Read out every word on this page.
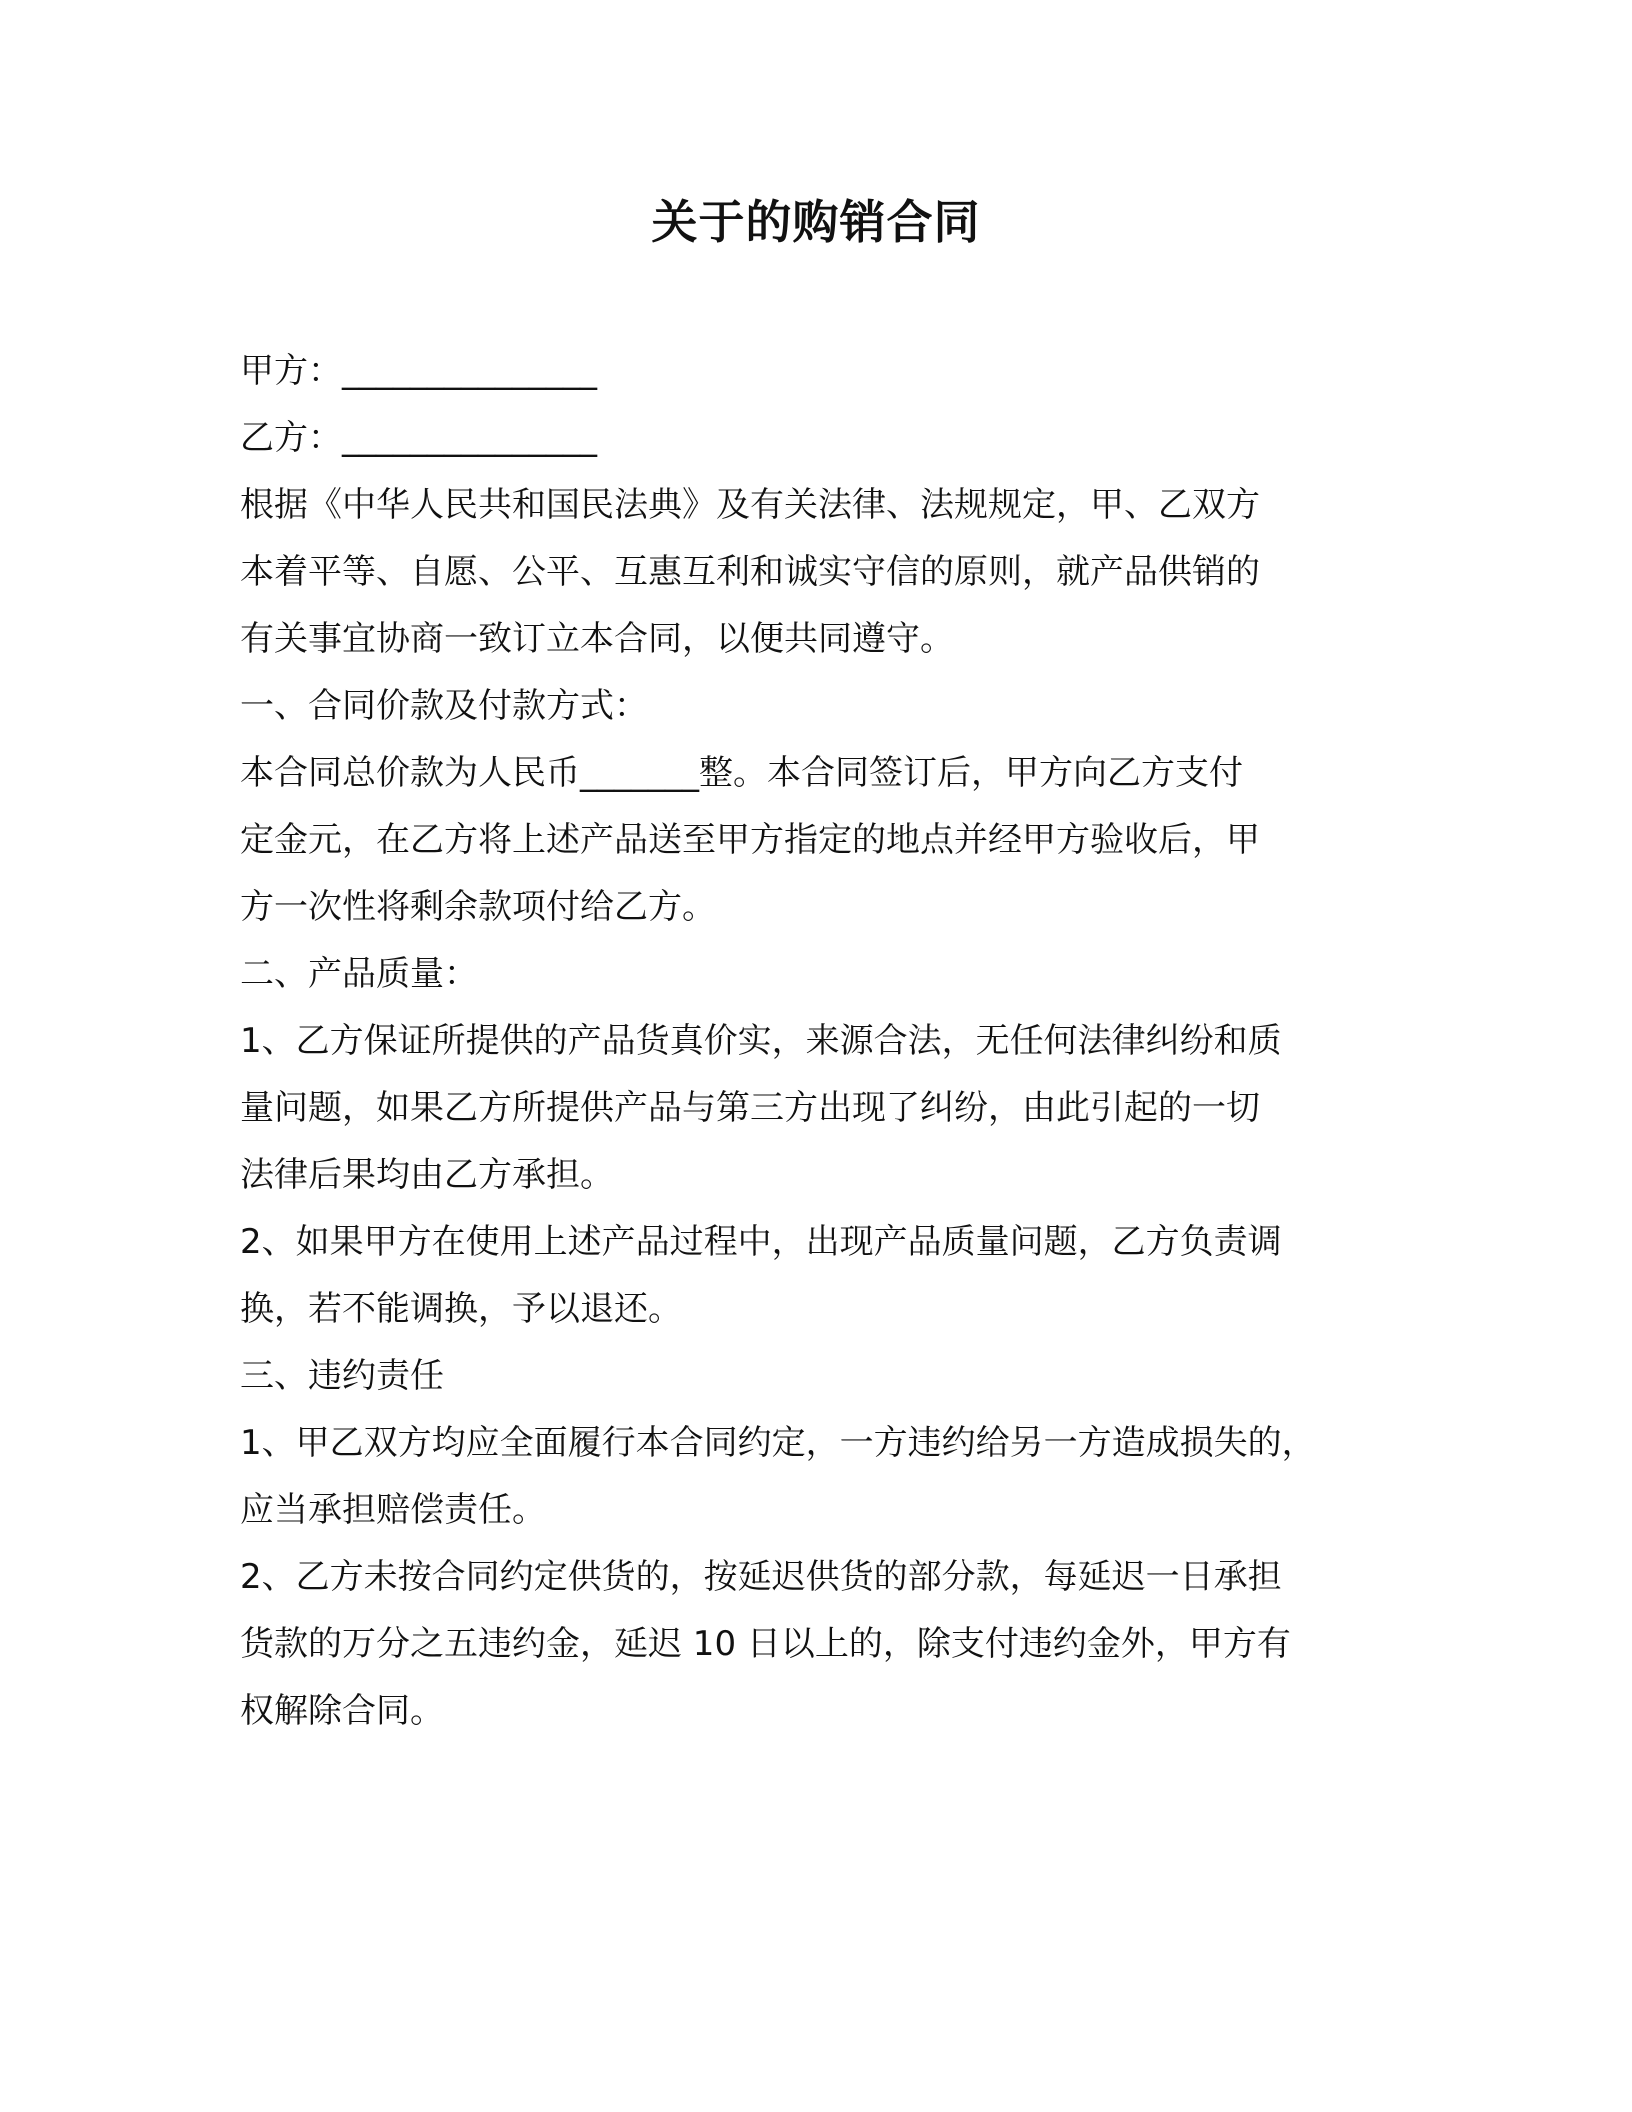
关于的购销合同
甲方：_______________
乙方：_______________
根据《中华人民共和国民法典》及有关法律、法规规定，甲、乙双方
本着平等、自愿、公平、互惠互利和诚实守信的原则，就产品供销的
有关事宜协商一致订立本合同，以便共同遵守。
一、合同价款及付款方式：
本合同总价款为人民币_______整。本合同签订后，甲方向乙方支付
定金元，在乙方将上述产品送至甲方指定的地点并经甲方验收后，甲
方一次性将剩余款项付给乙方。
二、产品质量：
1、乙方保证所提供的产品货真价实，来源合法，无任何法律纠纷和质
量问题，如果乙方所提供产品与第三方出现了纠纷，由此引起的一切
法律后果均由乙方承担。
2、如果甲方在使用上述产品过程中，出现产品质量问题，乙方负责调
换，若不能调换，予以退还。
三、违约责任
1、甲乙双方均应全面履行本合同约定，一方违约给另一方造成损失的，
应当承担赔偿责任。
2、乙方未按合同约定供货的，按延迟供货的部分款，每延迟一日承担
货款的万分之五违约金，延迟 10 日以上的，除支付违约金外，甲方有
权解除合同。
